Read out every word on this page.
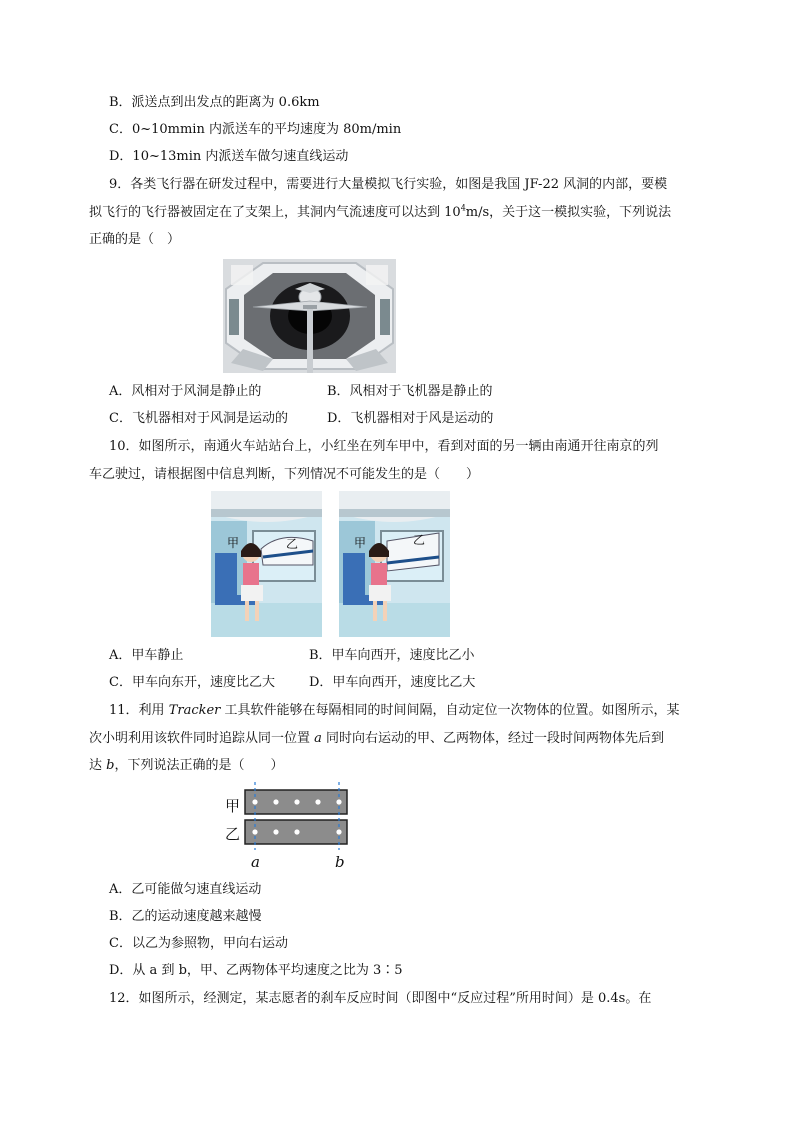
B．派送点到出发点的距离为 0.6km
C．0~10mmin 内派送车的平均速度为 80m/min
D．10~13min 内派送车做匀速直线运动
9．各类飞行器在研发过程中，需要进行大量模拟飞行实验，如图是我国 JF-22 风洞的内部，要模
拟飞行的飞行器被固定在了支架上，其洞内气流速度可以达到 $10^4m/s$，关于这一模拟实验，下列说法
正确的是（　）
A．风相对于风洞是静止的	B．风相对于飞机器是静止的
C．飞机器相对于风洞是运动的	D．飞机器相对于风是运动的
10．如图所示，南通火车站站台上，小红坐在列车甲中，看到对面的另一辆由南通开往南京的列
车乙驶过，请根据图中信息判断，下列情况不可能发生的是（　　）
甲	乙	甲	乙
A．甲车静止	B．甲车向西开，速度比乙小
C．甲车向东开，速度比乙大	D．甲车向西开，速度比乙大
11．利用 Tracker 工具软件能够在每隔相同的时间间隔，自动定位一次物体的位置。如图所示，某
次小明利用该软件同时追踪从同一位置 a 同时向右运动的甲、乙两物体，经过一段时间两物体先后到
达 b，下列说法正确的是（　　）
甲
乙
a	b
A．乙可能做匀速直线运动
B．乙的运动速度越来越慢
C．以乙为参照物，甲向右运动
D．从 a 到 b，甲、乙两物体平均速度之比为 3∶5
12．如图所示，经测定，某志愿者的刹车反应时间（即图中“反应过程”所用时间）是 0.4s。在
